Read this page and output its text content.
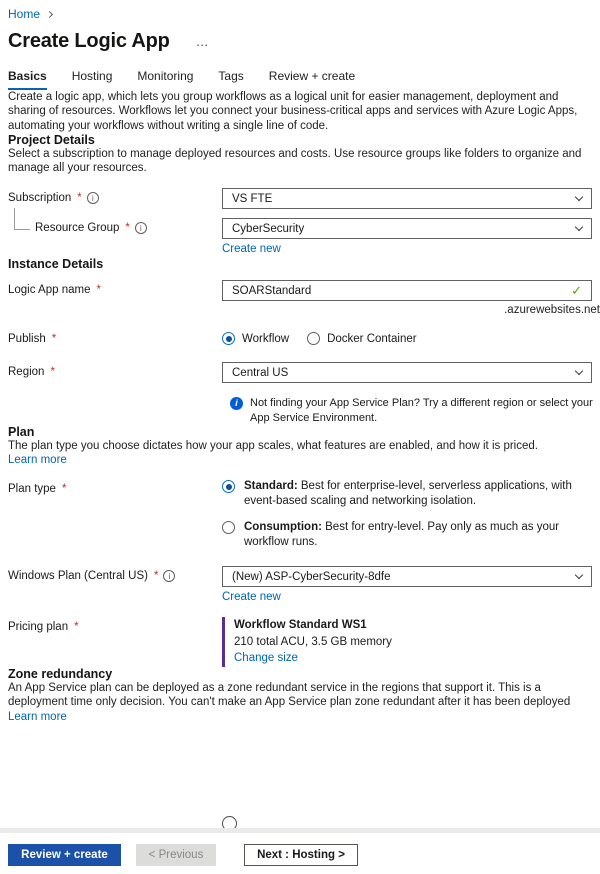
Home
Create Logic App …
Basics Hosting Monitoring Tags Review + create

Create a logic app, which lets you group workflows as a logical unit for easier management, deployment and sharing of resources. Workflows let you connect your business-critical apps and services with Azure Logic Apps, automating your workflows without writing a single line of code.

Project Details

Select a subscription to manage deployed resources and costs. Use resource groups like folders to organize and manage all your resources.

Subscription *	i	VS FTE
Resource Group *	i	CyberSecurity
Create new
Instance Details
Logic App name *	SOARStandard	✓
.azurewebsites.net
Publish *	Workflow	Docker Container
Region *	Central US
i	Not finding your App Service Plan? Try a different region or select your App Service Environment.
Plan

The plan type you choose dictates how your app scales, what features are enabled, and how it is priced. Learn more

Plan type *	Standard: Best for enterprise-level, serverless applications, with event-based scaling and networking isolation.
Consumption: Best for entry-level. Pay only as much as your workflow runs.
Windows Plan (Central US) *	i	(New) ASP-CyberSecurity-8dfe
Create new
Pricing plan *	Workflow Standard WS1
210 total ACU, 3.5 GB memory
Change size
Zone redundancy

An App Service plan can be deployed as a zone redundant service in the regions that support it. This is a deployment time only decision. You can't make an App Service plan zone redundant after it has been deployed Learn more

Review + create	< Previous	Next : Hosting >
